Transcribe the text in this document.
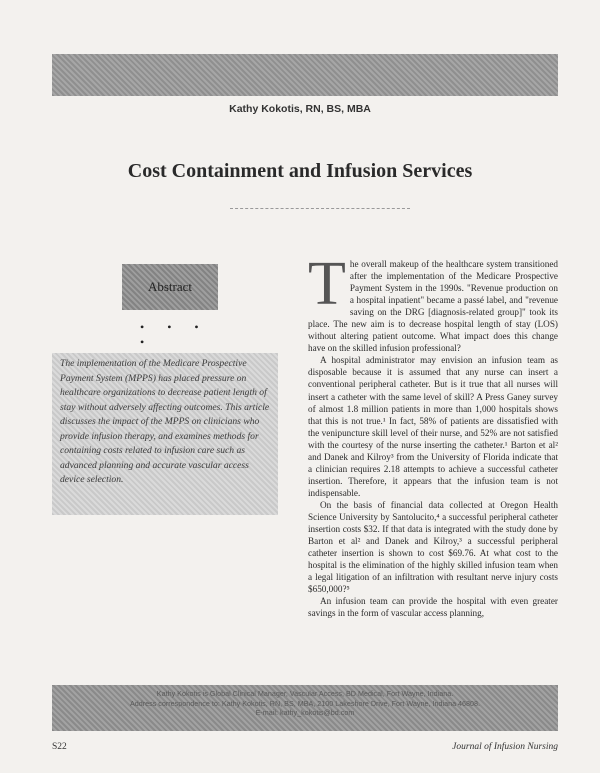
Kathy Kokotis, RN, BS, MBA
Cost Containment and Infusion Services
Abstract
• • • •
The implementation of the Medicare Prospective Payment System (MPPS) has placed pressure on healthcare organizations to decrease patient length of stay without adversely affecting outcomes. This article discusses the impact of the MPPS on clinicians who provide infusion therapy, and examines methods for containing costs related to infusion care such as advanced planning and accurate vascular access device selection.

The overall makeup of the healthcare system transitioned after the implementation of the Medicare Prospective Payment System in the 1990s. "Revenue production on a hospital inpatient" became a passé label, and "revenue saving on the DRG [diagnosis-related group]" took its place. The new aim is to decrease hospital length of stay (LOS) without altering patient outcome. What impact does this change have on the skilled infusion professional?

A hospital administrator may envision an infusion team as disposable because it is assumed that any nurse can insert a conventional peripheral catheter. But is it true that all nurses will insert a catheter with the same level of skill? A Press Ganey survey of almost 1.8 million patients in more than 1,000 hospitals shows that this is not true.¹ In fact, 58% of patients are dissatisfied with the venipuncture skill level of their nurse, and 52% are not satisfied with the courtesy of the nurse inserting the catheter.¹ Barton et al² and Danek and Kilroy³ from the University of Florida indicate that a clinician requires 2.18 attempts to achieve a successful catheter insertion. Therefore, it appears that the infusion team is not indispensable.

On the basis of financial data collected at Oregon Health Science University by Santolucito,⁴ a successful peripheral catheter insertion costs $32. If that data is integrated with the study done by Barton et al² and Danek and Kilroy,³ a successful peripheral catheter insertion is shown to cost $69.76. At what cost to the hospital is the elimination of the highly skilled infusion team when a legal litigation of an infiltration with resultant nerve injury costs $650,000?⁵

An infusion team can provide the hospital with even greater savings in the form of vascular access planning,

Kathy Kokotis is Global Clinical Manager, Vascular Access, BD Medical, Fort Wayne, Indiana.
Address correspondence to: Kathy Kokotis, RN, BS, MBA, 2100 Lakeshore Drive, Fort Wayne, Indiana 46808.
E-mail: kathy_kokotis@bd.com
S22	Journal of Infusion Nursing
